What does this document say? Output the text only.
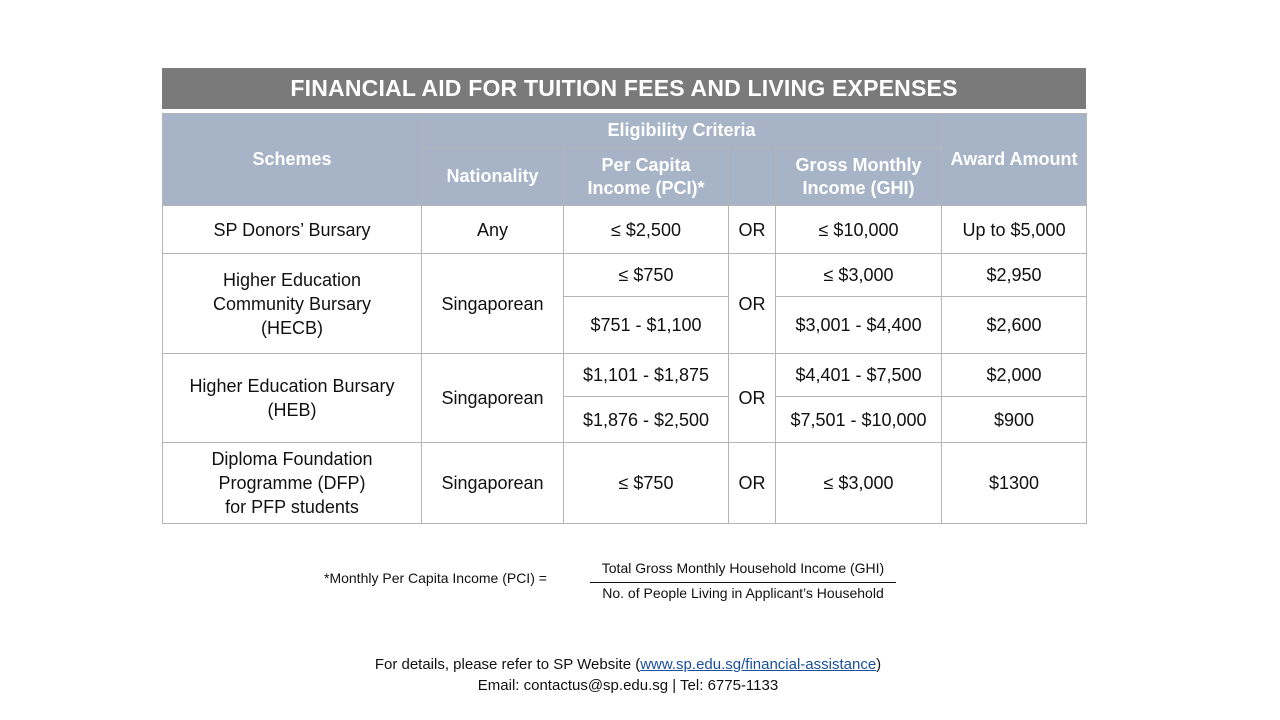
FINANCIAL AID FOR TUITION FEES AND LIVING EXPENSES
Schemes	Eligibility Criteria				Award Amount
	Nationality	Per Capita Income (PCI)*		Gross Monthly Income (GHI)	
SP Donors’ Bursary	Any	≤ $2,500	OR	≤ $10,000	Up to $5,000

Higher Education
Community Bursary
(HECB)	Singaporean	≤ $750	OR	≤ $3,000	$2,950
		$751 - $1,100		$3,001 - $4,400	$2,600

Higher Education Bursary
(HEB)	Singaporean	$1,101 - $1,875	OR	$4,401 - $7,500	$2,000
		$1,876 - $2,500		$7,501 - $10,000	$900

Diploma Foundation
Programme (DFP)
for PFP students	Singaporean	≤ $750	OR	≤ $3,000	$1300
*Monthly Per Capita Income (PCI) =
Total Gross Monthly Household Income (GHI)
No. of People Living in Applicant’s Household
For details, please refer to SP Website (www.sp.edu.sg/financial-assistance)
Email: contactus@sp.edu.sg | Tel: 6775-1133
